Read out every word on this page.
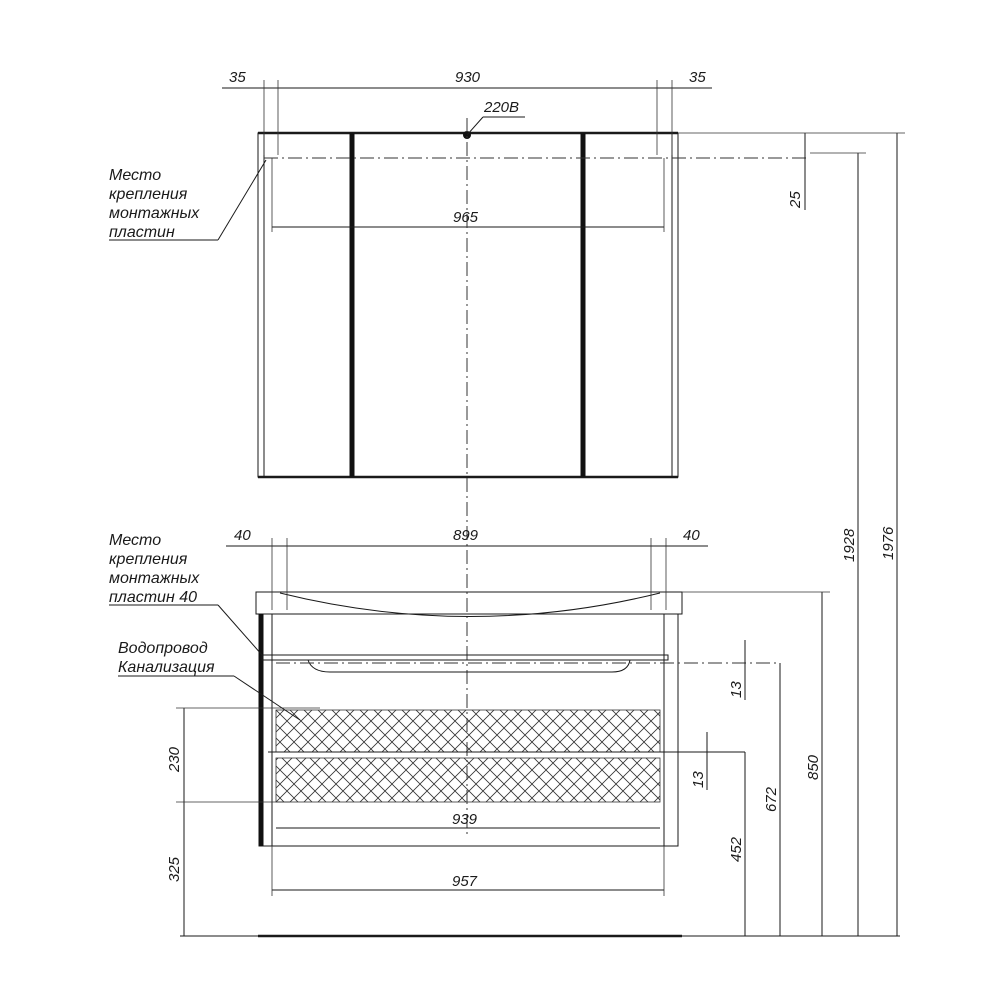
220В
35	930	35
965
25
Место
крепления
монтажных
пластин
40	899	40
939
957
230
325
13
13
452
672
850
Место
крепления
монтажных
пластин 40
Водопровод
Канализация
1928 1976
